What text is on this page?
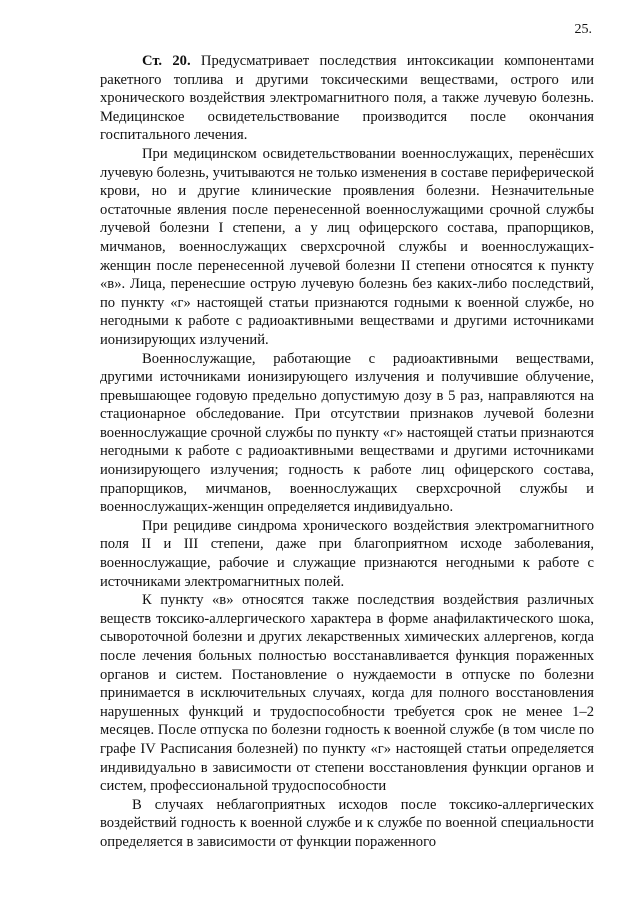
25.

Ст. 20. Предусматривает последствия интоксикации компонентами ракетного топлива и другими токсическими веществами, острого или хронического воздействия электромагнитного поля, а также лучевую болезнь. Медицинское освидетельствование производится после окончания госпитального лечения.

При медицинском освидетельствовании военнослужащих, перенёсших лучевую болезнь, учитываются не только изменения в составе периферической крови, но и другие клинические проявления болезни. Незначительные остаточные явления после перенесенной военнослужащими срочной службы лучевой болезни I степени, а у лиц офицерского состава, прапорщиков, мичманов, военнослужащих сверхсрочной службы и военнослужащих-женщин после перенесенной лучевой болезни II степени относятся к пункту «в». Лица, перенесшие острую лучевую болезнь без каких-либо последствий, по пункту «г» настоящей статьи признаются годными к военной службе, но негодными к работе с радиоактивными веществами и другими источниками ионизирующих излучений.

Военнослужащие, работающие с радиоактивными веществами, другими источниками ионизирующего излучения и получившие облучение, превышающее годовую предельно допустимую дозу в 5 раз, направляются на стационарное обследование. При отсутствии признаков лучевой болезни военнослужащие срочной службы по пункту «г» настоящей статьи признаются негодными к работе с радиоактивными веществами и другими источниками ионизирующего излучения; годность к работе лиц офицерского состава, прапорщиков, мичманов, военнослужащих сверхсрочной службы и военнослужащих-женщин определяется индивидуально.

При рецидиве синдрома хронического воздействия электромагнитного поля II и III степени, даже при благоприятном исходе заболевания, военнослужащие, рабочие и служащие признаются негодными к работе с источниками электромагнитных полей.

К пункту «в» относятся также последствия воздействия различных веществ токсико-аллергического характера в форме анафилактического шока, сывороточной болезни и других лекарственных химических аллергенов, когда после лечения больных полностью восстанавливается функция пораженных органов и систем. Постановление о нуждаемости в отпуске по болезни принимается в исключительных случаях, когда для полного восстановления нарушенных функций и трудоспособности требуется срок не менее 1–2 месяцев. После отпуска по болезни годность к военной службе (в том числе по графе IV Расписания болезней) по пункту «г» настоящей статьи определяется индивидуально в зависимости от степени восстановления функции органов и систем, профессиональной трудоспособности

В случаях неблагоприятных исходов после токсико-аллергических воздействий годность к военной службе и к службе по военной специальности определяется в зависимости от функции пораженного
